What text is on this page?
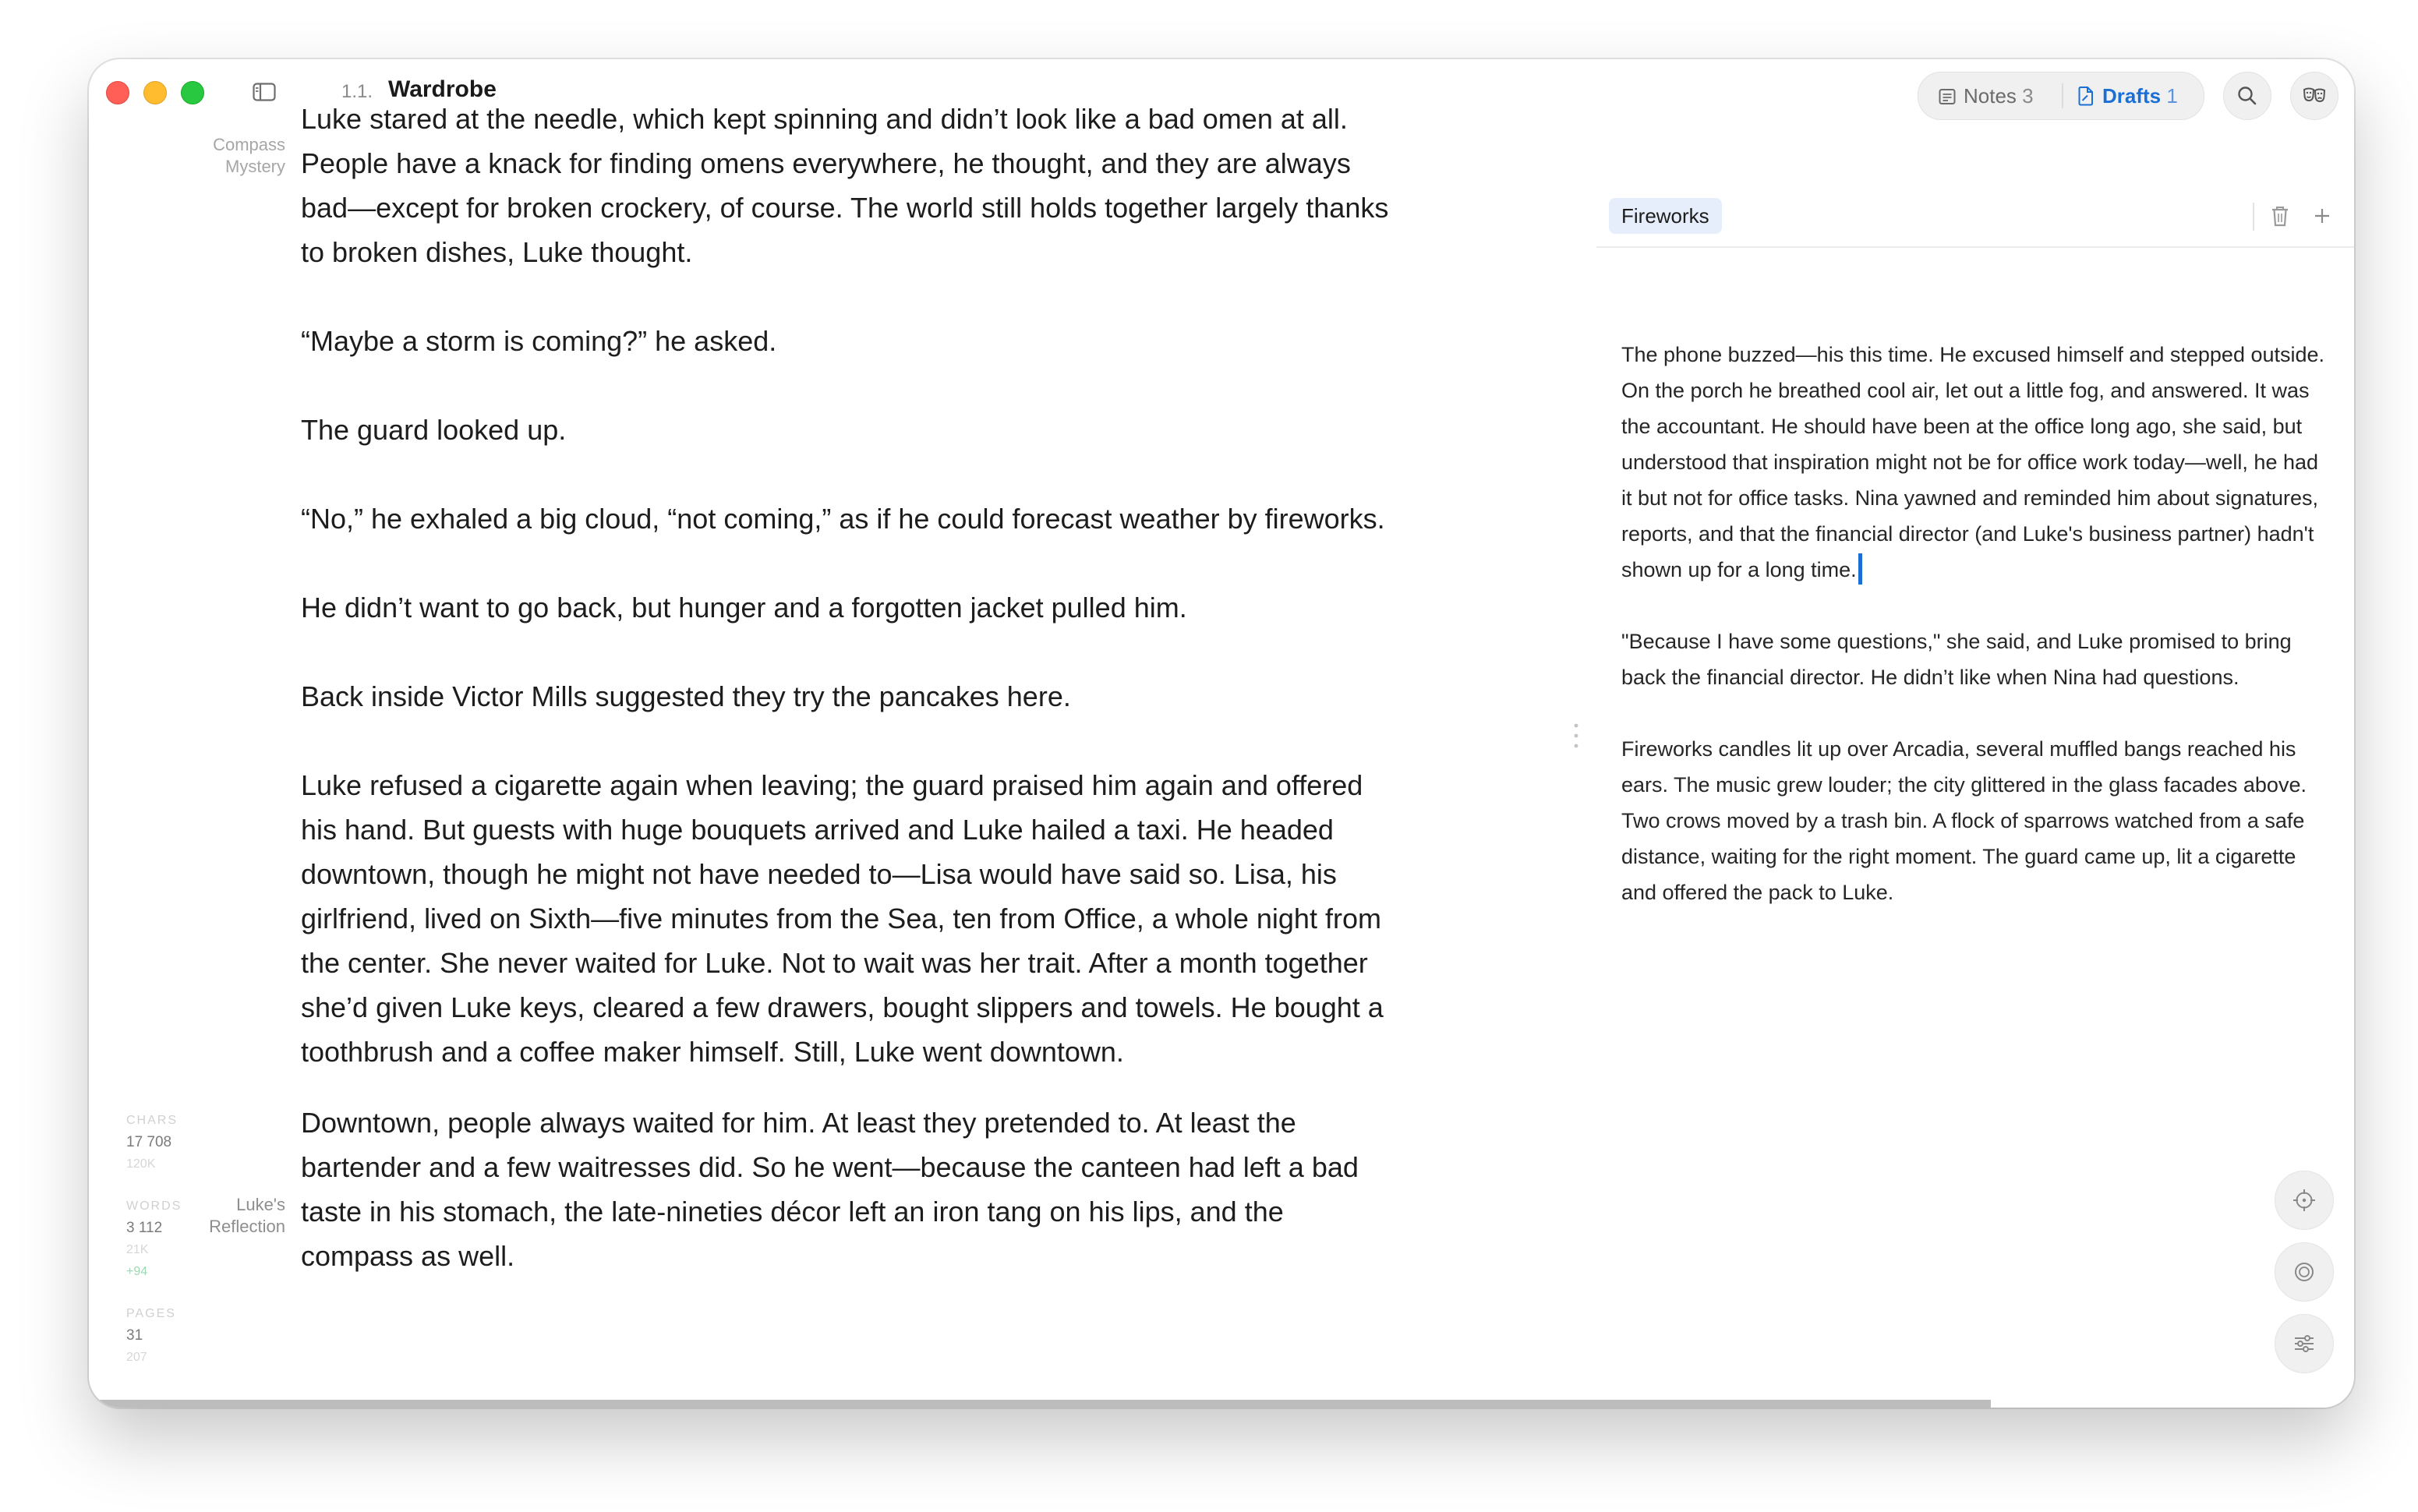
1.1. Wardrobe
Compass
Mystery
Luke's
Reflection
CHARS
17 708
120K
WORDS
3 112
21K
+94
PAGES
31
207

Luke stared at the needle, which kept spinning and didn’t look like a bad omen at all. People have a knack for finding omens everywhere, he thought, and they are always bad—except for broken crockery, of course. The world still holds together largely thanks to broken dishes, Luke thought.

“Maybe a storm is coming?” he asked.

The guard looked up.

“No,” he exhaled a big cloud, “not coming,” as if he could forecast weather by fireworks.

He didn’t want to go back, but hunger and a forgotten jacket pulled him.

Back inside Victor Mills suggested they try the pancakes here.

Luke refused a cigarette again when leaving; the guard praised him again and offered his hand. But guests with huge bouquets arrived and Luke hailed a taxi. He headed downtown, though he might not have needed to—Lisa would have said so. Lisa, his girlfriend, lived on Sixth—five minutes from the Sea, ten from Office, a whole night from the center. She never waited for Luke. Not to wait was her trait. After a month together she’d given Luke keys, cleared a few drawers, bought slippers and towels. He bought a toothbrush and a coffee maker himself. Still, Luke went downtown.

Downtown, people always waited for him. At least they pretended to. At least the bartender and a few waitresses did. So he went—because the canteen had left a bad taste in his stomach, the late-nineties décor left an iron tang on his lips, and the compass as well.

Notes 3	Drafts 1
Fireworks

The phone buzzed—his this time. He excused himself and stepped outside. On the porch he breathed cool air, let out a little fog, and answered. It was the accountant. He should have been at the office long ago, she said, but understood that inspiration might not be for office work today—well, he had it but not for office tasks. Nina yawned and reminded him about signatures, reports, and that the financial director (and Luke's business partner) hadn't shown up for a long time.

"Because I have some questions," she said, and Luke promised to bring back the financial director. He didn’t like when Nina had questions.

Fireworks candles lit up over Arcadia, several muffled bangs reached his ears. The music grew louder; the city glittered in the glass facades above. Two crows moved by a trash bin. A flock of sparrows watched from a safe distance, waiting for the right moment. The guard came up, lit a cigarette and offered the pack to Luke.
